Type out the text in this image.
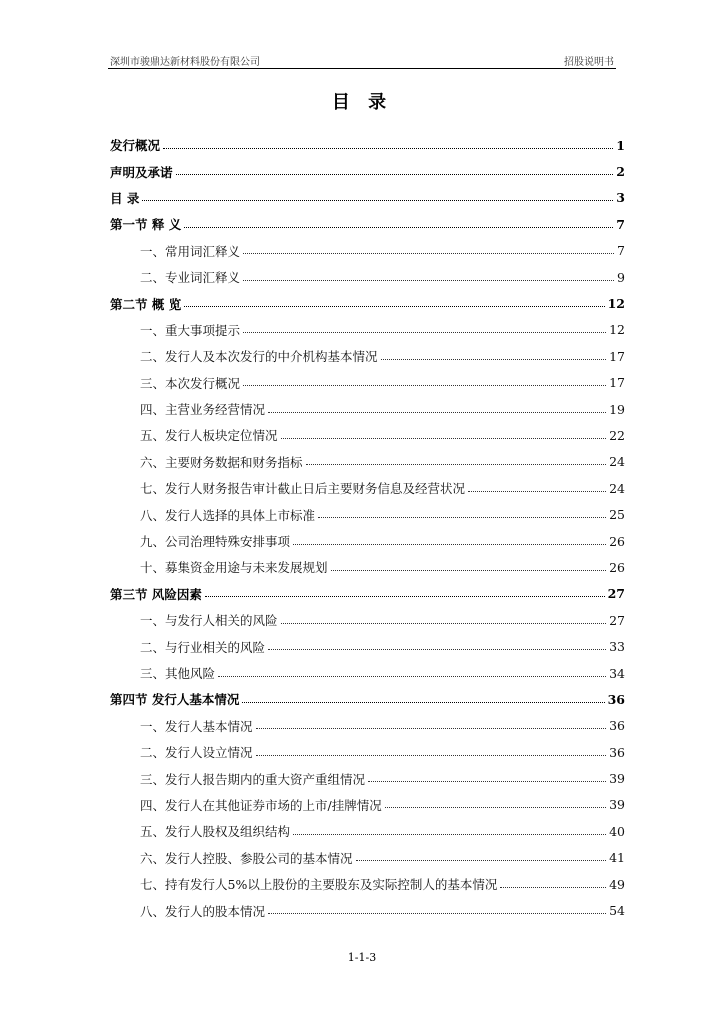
深圳市骏鼎达新材料股份有限公司	招股说明书
目 录
发行概况	1
声明及承诺	2
目 录	3
第一节 释 义	7
一、常用词汇释义	7
二、专业词汇释义	9
第二节 概 览	12
一、重大事项提示	12
二、发行人及本次发行的中介机构基本情况	17
三、本次发行概况	17
四、主营业务经营情况	19
五、发行人板块定位情况	22
六、主要财务数据和财务指标	24
七、发行人财务报告审计截止日后主要财务信息及经营状况	24
八、发行人选择的具体上市标准	25
九、公司治理特殊安排事项	26
十、募集资金用途与未来发展规划	26
第三节 风险因素	27
一、与发行人相关的风险	27
二、与行业相关的风险	33
三、其他风险	34
第四节 发行人基本情况	36
一、发行人基本情况	36
二、发行人设立情况	36
三、发行人报告期内的重大资产重组情况	39
四、发行人在其他证券市场的上市/挂牌情况	39
五、发行人股权及组织结构	40
六、发行人控股、参股公司的基本情况	41
七、持有发行人5%以上股份的主要股东及实际控制人的基本情况	49
八、发行人的股本情况	54
1-1-3
